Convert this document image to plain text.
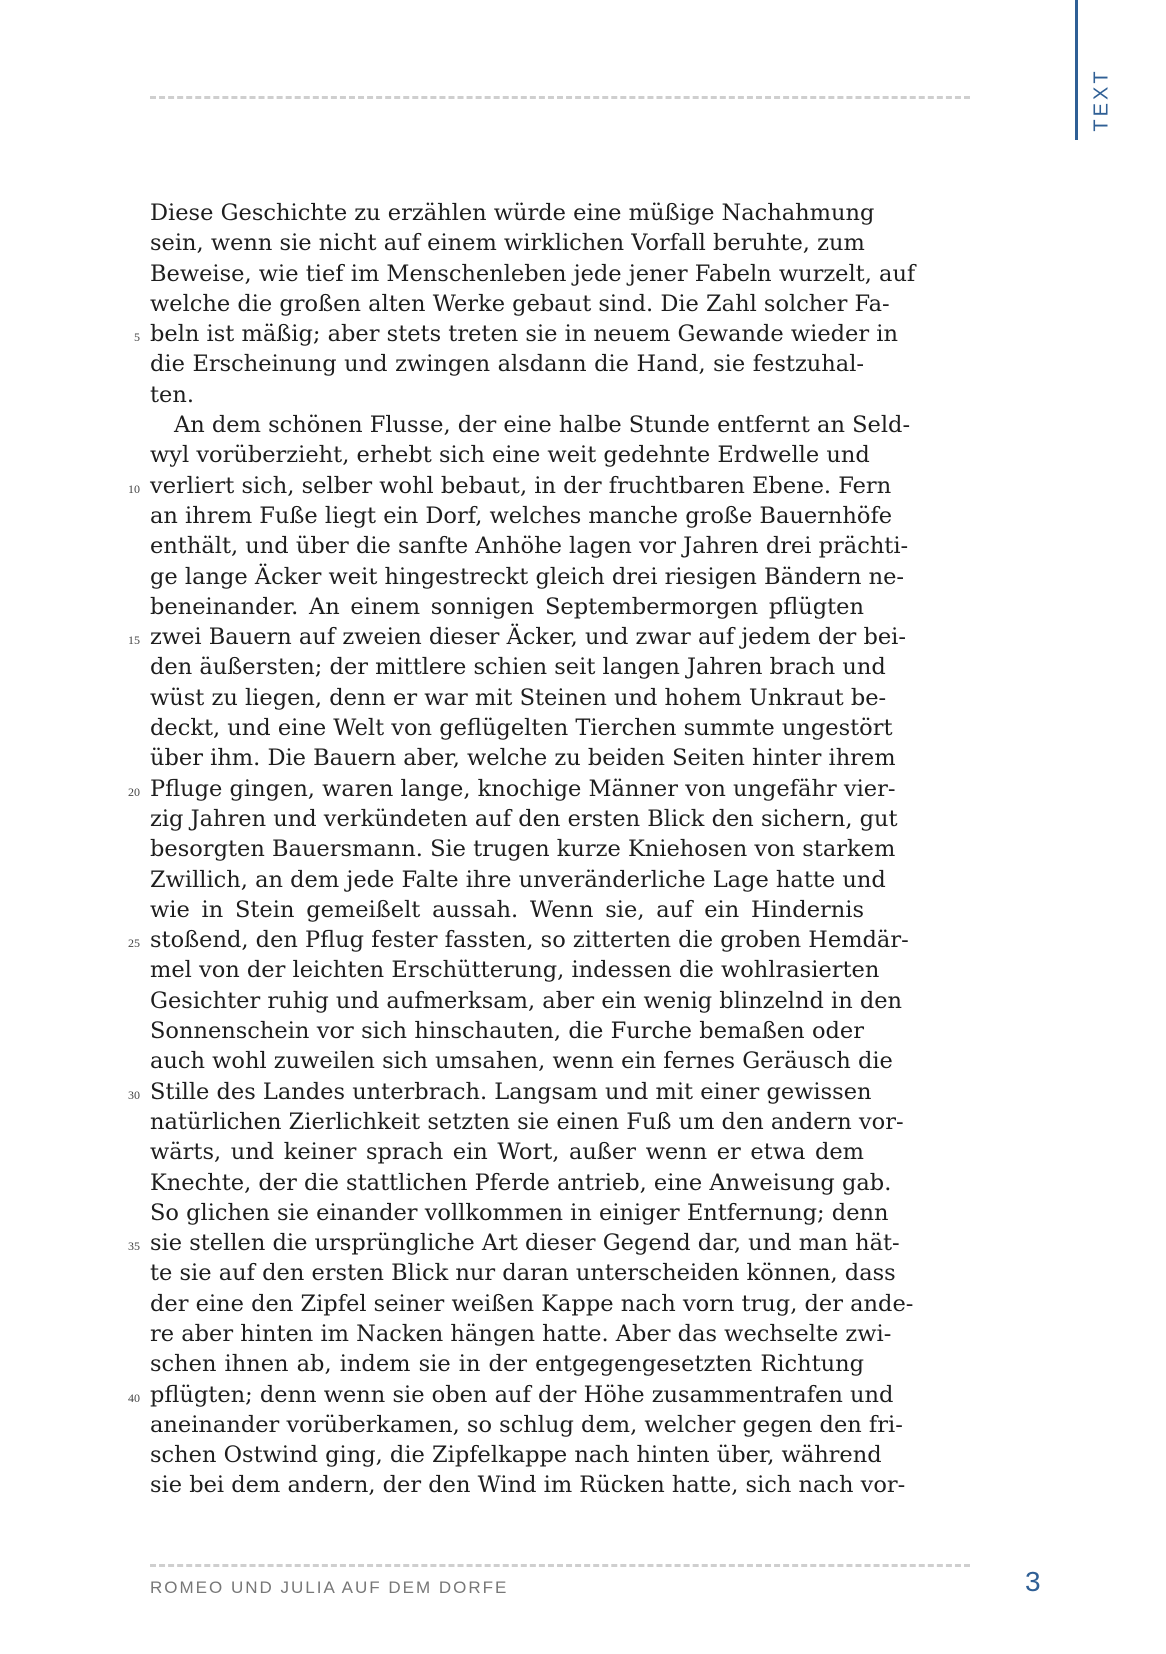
TEXT
Diese Geschichte zu erzählen würde eine müßige Nachahmung
sein, wenn sie nicht auf einem wirklichen Vorfall beruhte, zum
Beweise, wie tief im Menschenleben jede jener Fabeln wurzelt, auf
welche die großen alten Werke gebaut sind. Die Zahl solcher Fa-
5 beln ist mäßig; aber stets treten sie in neuem Gewande wieder in
die Erscheinung und zwingen alsdann die Hand, sie festzuhal-
ten.
An dem schönen Flusse, der eine halbe Stunde entfernt an Seld-
wyl vorüberzieht, erhebt sich eine weit gedehnte Erdwelle und
10 verliert sich, selber wohl bebaut, in der fruchtbaren Ebene. Fern
an ihrem Fuße liegt ein Dorf, welches manche große Bauernhöfe
enthält, und über die sanfte Anhöhe lagen vor Jahren drei prächti-
ge lange Äcker weit hingestreckt gleich drei riesigen Bändern ne-
beneinander. An einem sonnigen Septembermorgen pflügten
15 zwei Bauern auf zweien dieser Äcker, und zwar auf jedem der bei-
den äußersten; der mittlere schien seit langen Jahren brach und
wüst zu liegen, denn er war mit Steinen und hohem Unkraut be-
deckt, und eine Welt von geflügelten Tierchen summte ungestört
über ihm. Die Bauern aber, welche zu beiden Seiten hinter ihrem
20 Pfluge gingen, waren lange, knochige Männer von ungefähr vier-
zig Jahren und verkündeten auf den ersten Blick den sichern, gut
besorgten Bauersmann. Sie trugen kurze Kniehosen von starkem
Zwillich, an dem jede Falte ihre unveränderliche Lage hatte und
wie in Stein gemeißelt aussah. Wenn sie, auf ein Hindernis
25 stoßend, den Pflug fester fassten, so zitterten die groben Hemdär-
mel von der leichten Erschütterung, indessen die wohlrasierten
Gesichter ruhig und aufmerksam, aber ein wenig blinzelnd in den
Sonnenschein vor sich hinschauten, die Furche bemaßen oder
auch wohl zuweilen sich umsahen, wenn ein fernes Geräusch die
30 Stille des Landes unterbrach. Langsam und mit einer gewissen
natürlichen Zierlichkeit setzten sie einen Fuß um den andern vor-
wärts, und keiner sprach ein Wort, außer wenn er etwa dem
Knechte, der die stattlichen Pferde antrieb, eine Anweisung gab.
So glichen sie einander vollkommen in einiger Entfernung; denn
35 sie stellen die ursprüngliche Art dieser Gegend dar, und man hät-
te sie auf den ersten Blick nur daran unterscheiden können, dass
der eine den Zipfel seiner weißen Kappe nach vorn trug, der ande-
re aber hinten im Nacken hängen hatte. Aber das wechselte zwi-
schen ihnen ab, indem sie in der entgegengesetzten Richtung
40 pflügten; denn wenn sie oben auf der Höhe zusammentrafen und
aneinander vorüberkamen, so schlug dem, welcher gegen den fri-
schen Ostwind ging, die Zipfelkappe nach hinten über, während
sie bei dem andern, der den Wind im Rücken hatte, sich nach vor-
ROMEO UND JULIA AUF DEM DORFE	3
